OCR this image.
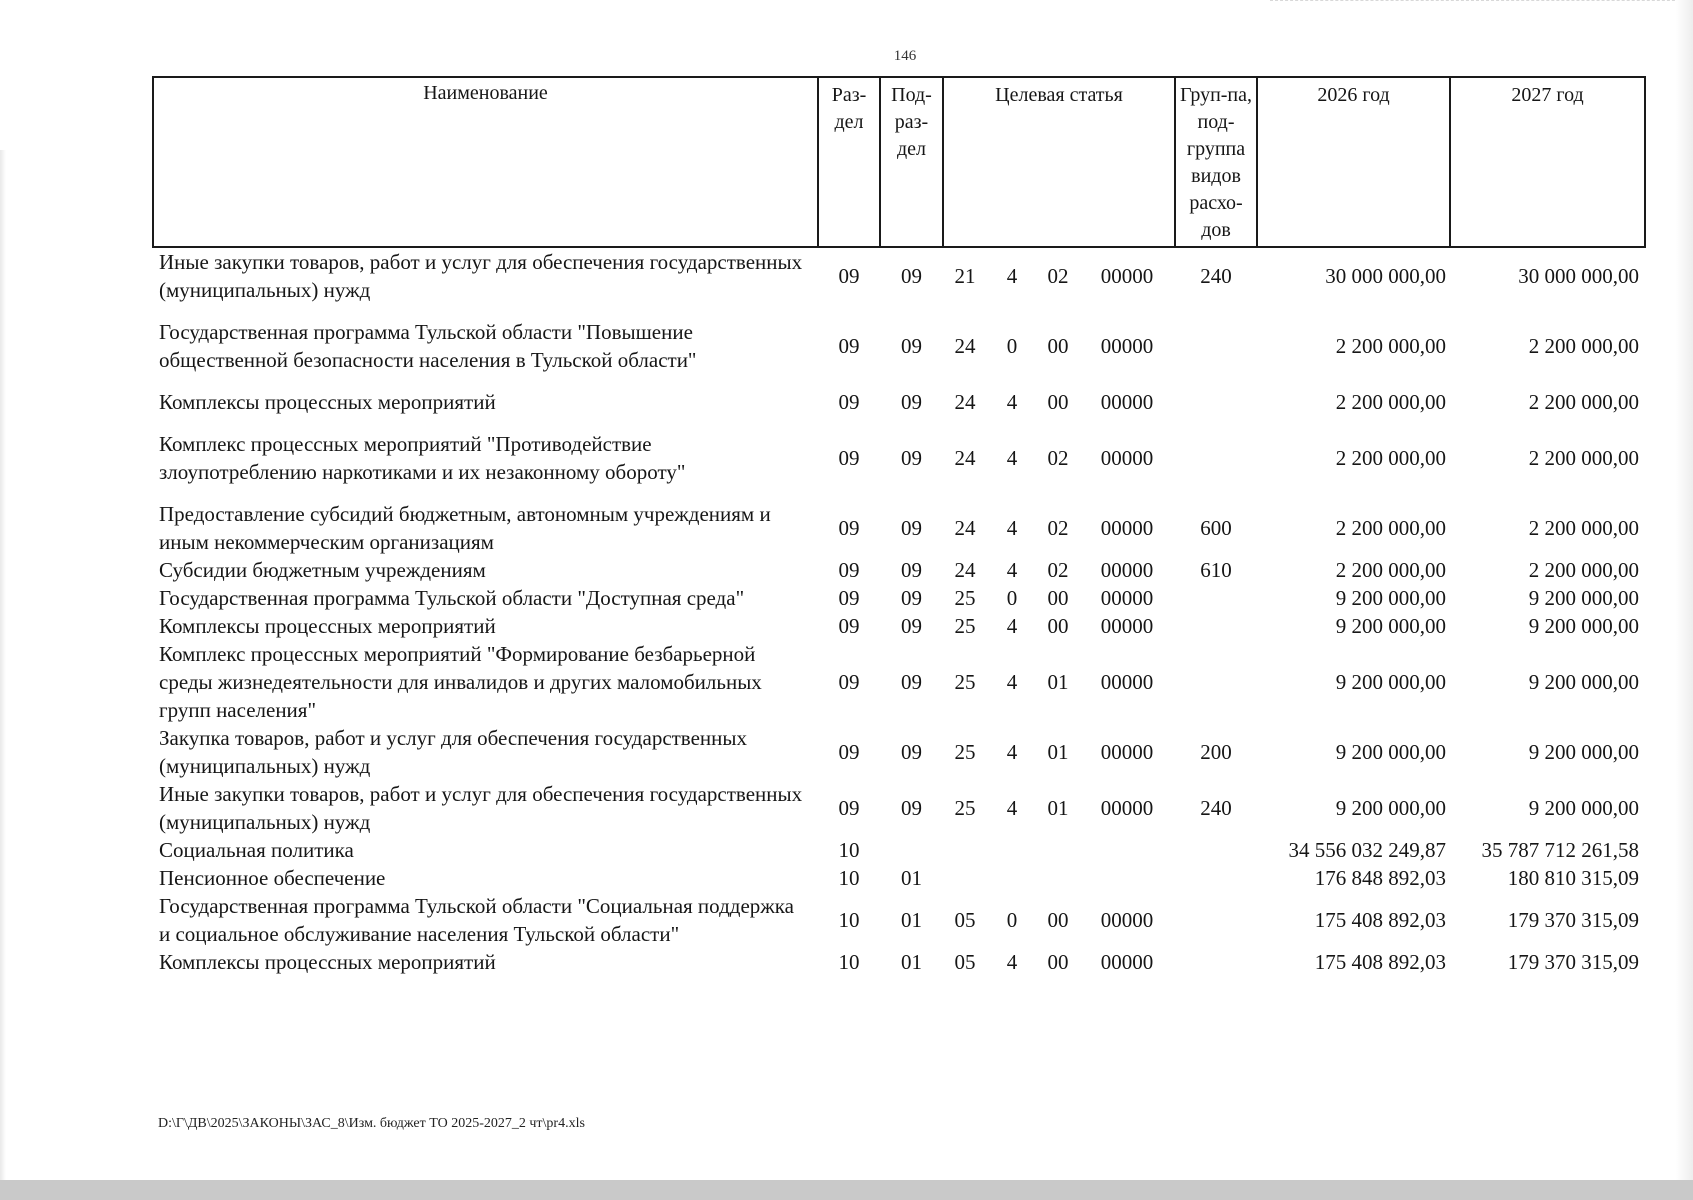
146
Наименование	Раз-дел	Под-раз-дел	Целевая статья				Груп-па, под-группа видов расхо-дов	2026 год	2027 год
Иные закупки товаров, работ и услуг для обеспечения государственных (муниципальных) нужд	09	09	21	4	02	00000	240	30 000 000,00	30 000 000,00

Государственная программа Тульской области "Повышение общественной безопасности населения в Тульской области"	09	09	24	0	00	00000		2 200 000,00	2 200 000,00

Комплексы процессных мероприятий	09	09	24	4	00	00000		2 200 000,00	2 200 000,00

Комплекс процессных мероприятий "Противодействие злоупотреблению наркотиками и их незаконному обороту"	09	09	24	4	02	00000		2 200 000,00	2 200 000,00

Предоставление субсидий бюджетным, автономным учреждениям и иным некоммерческим организациям	09	09	24	4	02	00000	600	2 200 000,00	2 200 000,00
Субсидии бюджетным учреждениям	09	09	24	4	02	00000	610	2 200 000,00	2 200 000,00
Государственная программа Тульской области "Доступная среда"	09	09	25	0	00	00000		9 200 000,00	9 200 000,00
Комплексы процессных мероприятий	09	09	25	4	00	00000		9 200 000,00	9 200 000,00
Комплекс процессных мероприятий "Формирование безбарьерной среды жизнедеятельности для инвалидов и других маломобильных групп населения"	09	09	25	4	01	00000		9 200 000,00	9 200 000,00
Закупка товаров, работ и услуг для обеспечения государственных (муниципальных) нужд	09	09	25	4	01	00000	200	9 200 000,00	9 200 000,00
Иные закупки товаров, работ и услуг для обеспечения государственных (муниципальных) нужд	09	09	25	4	01	00000	240	9 200 000,00	9 200 000,00
Социальная политика	10							34 556 032 249,87	35 787 712 261,58
Пенсионное обеспечение	10	01						176 848 892,03	180 810 315,09
Государственная программа Тульской области "Социальная поддержка и социальное обслуживание населения Тульской области"	10	01	05	0	00	00000		175 408 892,03	179 370 315,09
Комплексы процессных мероприятий	10	01	05	4	00	00000		175 408 892,03	179 370 315,09
D:\Г\ДВ\2025\ЗАКОНЫ\ЗАС_8\Изм. бюджет ТО 2025-2027_2 чт\pr4.xls
